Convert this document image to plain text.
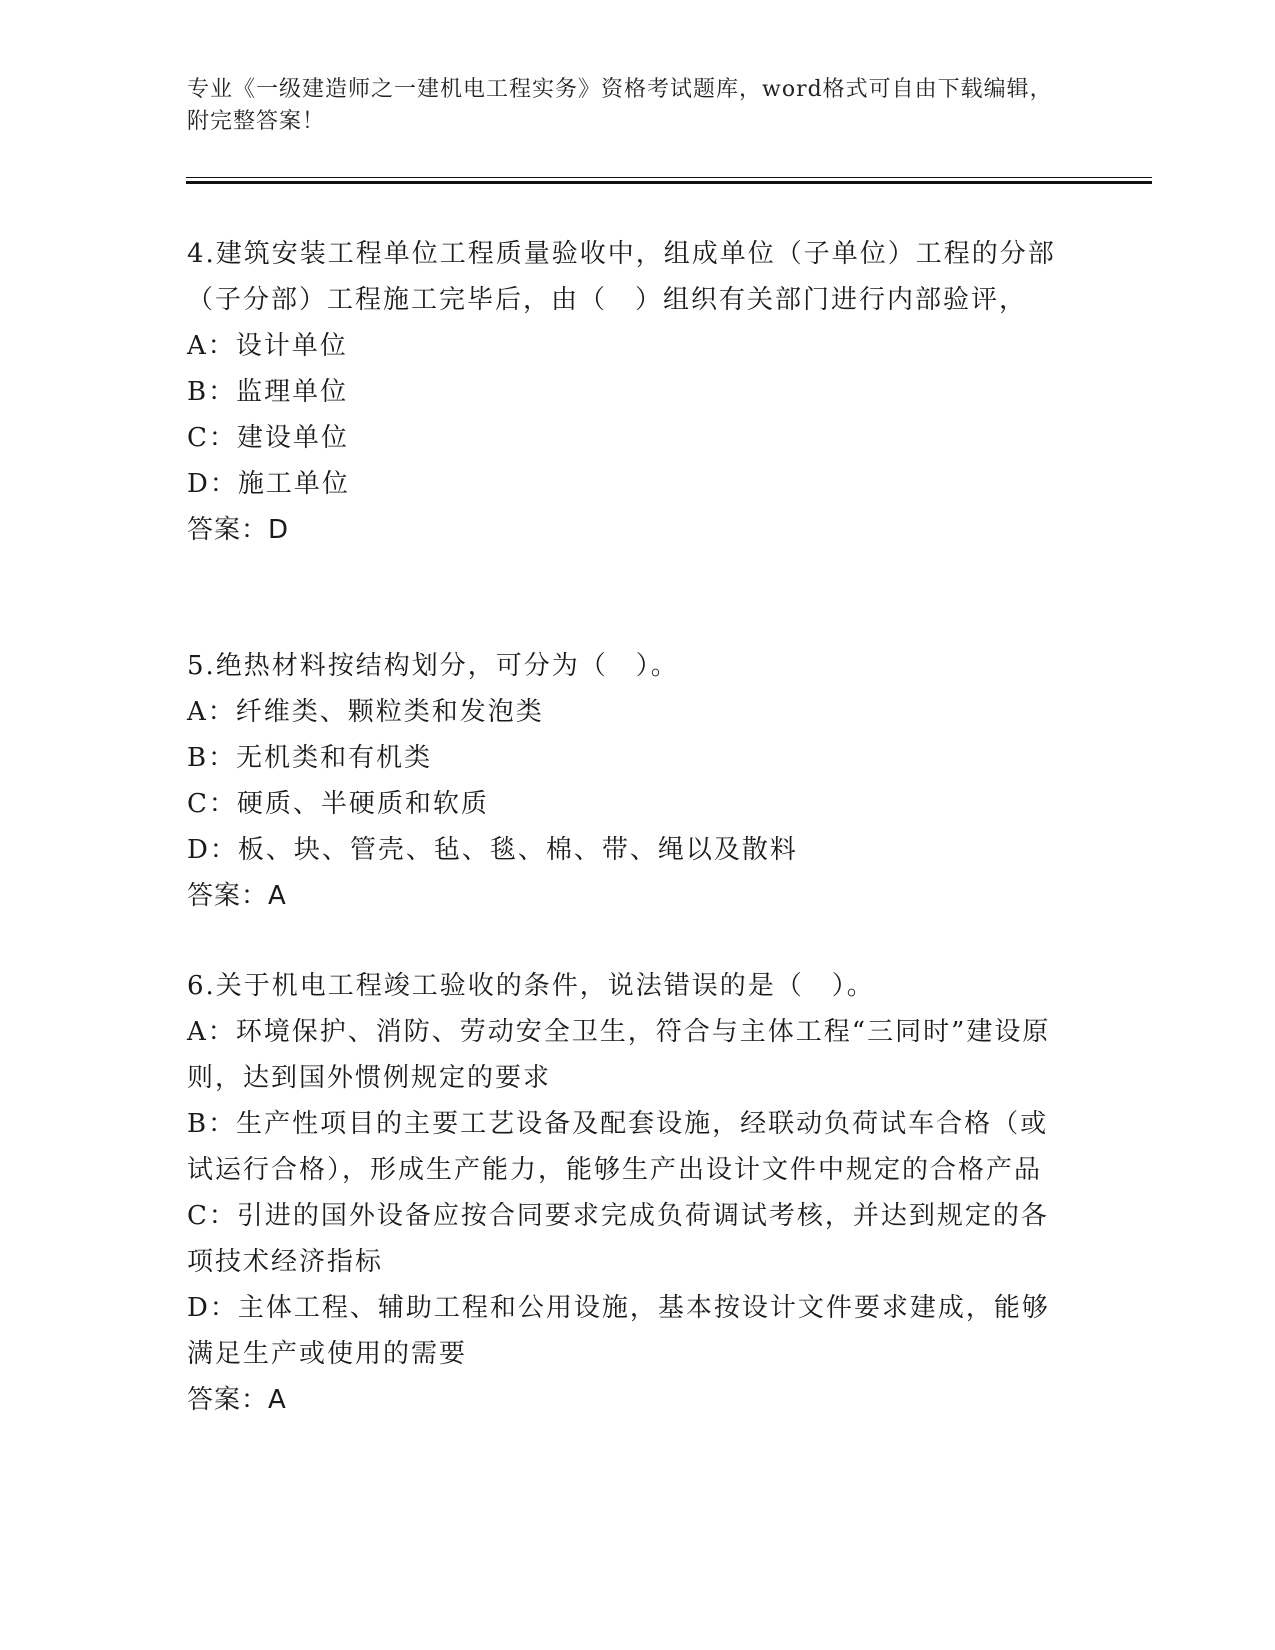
专业《一级建造师之一建机电工程实务》资格考试题库，word格式可自由下载编辑，附完整答案！

4.建筑安装工程单位工程质量验收中，组成单位（子单位）工程的分部（子分部）工程施工完毕后，由（　）组织有关部门进行内部验评，

A：设计单位

B：监理单位

C：建设单位

D：施工单位

答案：D

5.绝热材料按结构划分，可分为（　）。

A：纤维类、颗粒类和发泡类

B：无机类和有机类

C：硬质、半硬质和软质

D：板、块、管壳、毡、毯、棉、带、绳以及散料

答案：A

6.关于机电工程竣工验收的条件，说法错误的是（　）。

A：环境保护、消防、劳动安全卫生，符合与主体工程“三同时”建设原则，达到国外惯例规定的要求

B：生产性项目的主要工艺设备及配套设施，经联动负荷试车合格（或试运行合格），形成生产能力，能够生产出设计文件中规定的合格产品

C：引进的国外设备应按合同要求完成负荷调试考核，并达到规定的各项技术经济指标

D：主体工程、辅助工程和公用设施，基本按设计文件要求建成，能够满足生产或使用的需要

答案：A
